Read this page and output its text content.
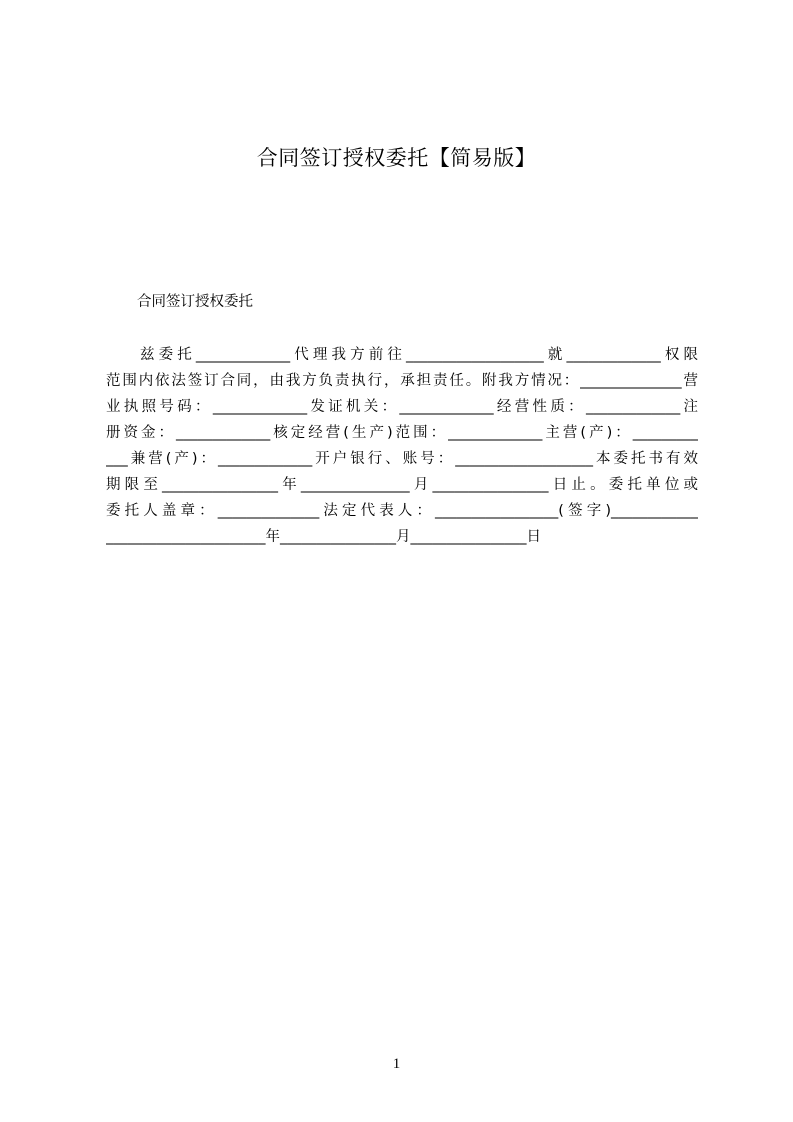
合同签订授权委托【简易版】
合同签订授权委托
兹委托_____________代理我方前往___________________就_____________权限
范围内依法签订合同，由我方负责执行，承担责任。附我方情况：______________营
业执照号码：_____________发证机关：_____________经营性质：_____________注
册资金：_____________核定经营(生产)范围：_____________主营(产)：_________
___兼营(产)：_____________开户银行、账号：___________________本委托书有效
期限至________________年_______________月________________日止。委托单位或
委托人盖章：______________法定代表人：_________________(签字)____________
______________________年________________月________________日
1
